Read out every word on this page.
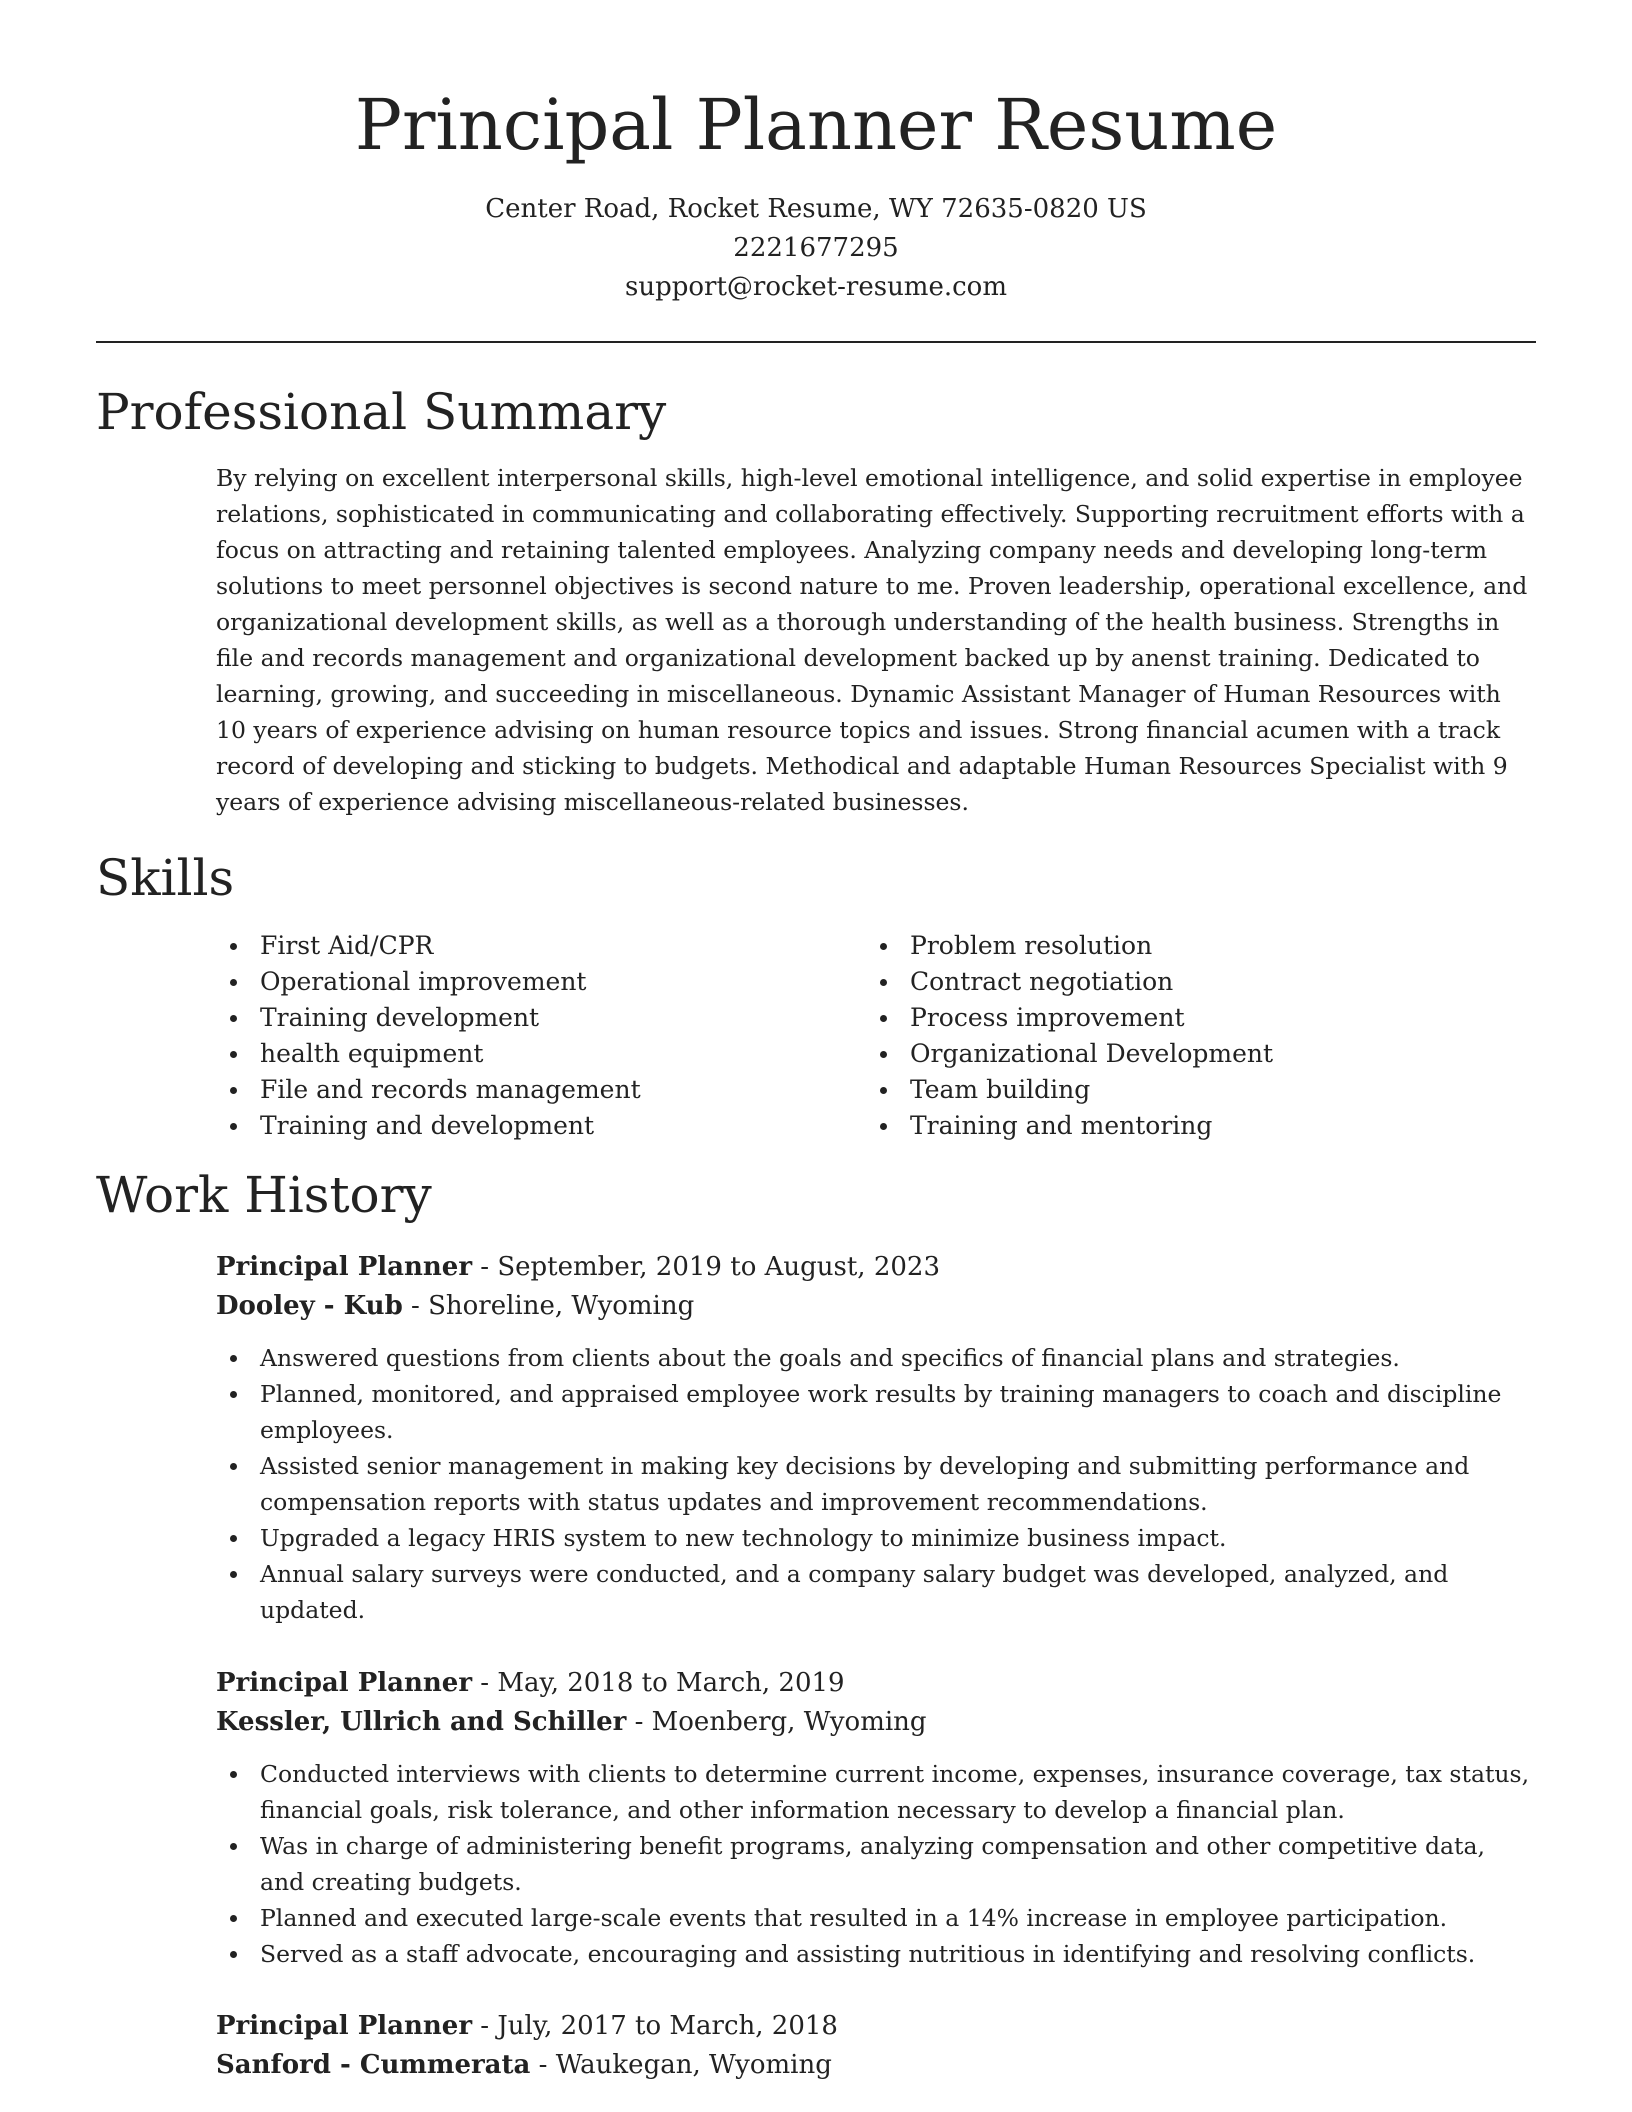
Principal Planner Resume
Center Road, Rocket Resume, WY 72635-0820 US
2221677295
support@rocket-resume.com
Professional Summary

By relying on excellent interpersonal skills, high-level emotional intelligence, and solid expertise in employee relations, sophisticated in communicating and collaborating effectively. Supporting recruitment efforts with a focus on attracting and retaining talented employees. Analyzing company needs and developing long-term solutions to meet personnel objectives is second nature to me. Proven leadership, operational excellence, and organizational development skills, as well as a thorough understanding of the health business. Strengths in file and records management and organizational development backed up by anenst training. Dedicated to learning, growing, and succeeding in miscellaneous. Dynamic Assistant Manager of Human Resources with 10 years of experience advising on human resource topics and issues. Strong financial acumen with a track record of developing and sticking to budgets. Methodical and adaptable Human Resources Specialist with 9 years of experience advising miscellaneous-related businesses.

Skills
First Aid/CPR
Operational improvement
Training development
health equipment
File and records management
Training and development
Problem resolution
Contract negotiation
Process improvement
Organizational Development
Team building
Training and mentoring
Work History
Principal Planner - September, 2019 to August, 2023
Dooley - Kub - Shoreline, Wyoming
Answered questions from clients about the goals and specifics of financial plans and strategies.
Planned, monitored, and appraised employee work results by training managers to coach and discipline employees.
Assisted senior management in making key decisions by developing and submitting performance and compensation reports with status updates and improvement recommendations.
Upgraded a legacy HRIS system to new technology to minimize business impact.
Annual salary surveys were conducted, and a company salary budget was developed, analyzed, and updated.
Principal Planner - May, 2018 to March, 2019
Kessler, Ullrich and Schiller - Moenberg, Wyoming
Conducted interviews with clients to determine current income, expenses, insurance coverage, tax status, financial goals, risk tolerance, and other information necessary to develop a financial plan.
Was in charge of administering benefit programs, analyzing compensation and other competitive data, and creating budgets.
Planned and executed large-scale events that resulted in a 14% increase in employee participation.
Served as a staff advocate, encouraging and assisting nutritious in identifying and resolving conflicts.
Principal Planner - July, 2017 to March, 2018
Sanford - Cummerata - Waukegan, Wyoming
